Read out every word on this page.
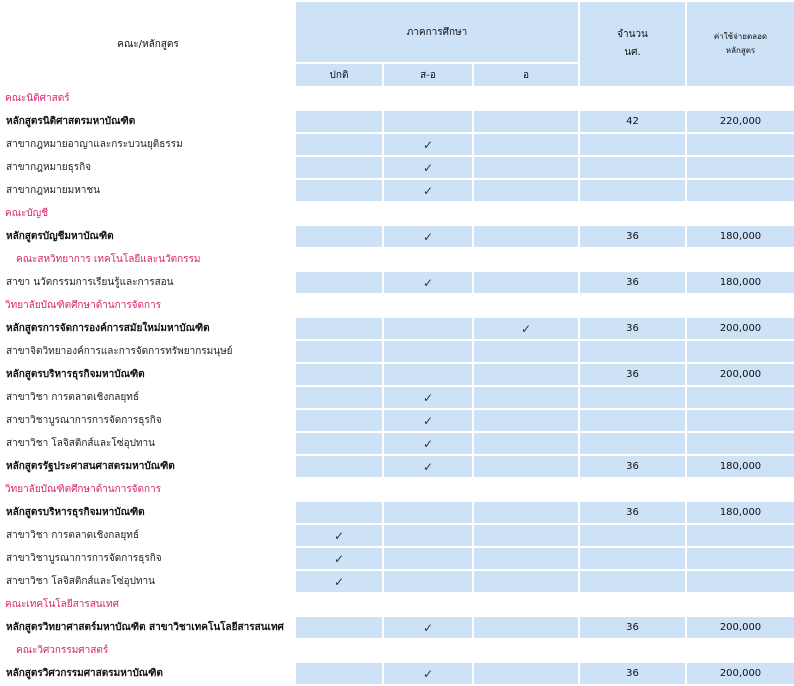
คณะ/หลักสูตร	ภาคการศึกษา			จำนวน
นศ.	ค่าใช้จ่ายตลอด
หลักสูตร
	ปกติ	ส-อ	อ		
คณะนิติศาสตร์					
หลักสูตรนิติศาสตรมหาบัณฑิต				42	220,000
สาขากฎหมายอาญาและกระบวนยุติธรรม		✓			
สาขากฎหมายธุรกิจ		✓			
สาขากฎหมายมหาชน		✓			
คณะบัญชี					
หลักสูตรบัญชีมหาบัณฑิต		✓		36	180,000
คณะสหวิทยาการ เทคโนโลยีและนวัตกรรม					
สาขา นวัตกรรมการเรียนรู้และการสอน		✓		36	180,000
วิทยาลัยบัณฑิตศึกษาด้านการจัดการ					
หลักสูตรการจัดการองค์การสมัยใหม่มหาบัณฑิต			✓	36	200,000
สาขาจิตวิทยาองค์การและการจัดการทรัพยากรมนุษย์					
หลักสูตรบริหารธุรกิจมหาบัณฑิต				36	200,000
สาขาวิชา การตลาดเชิงกลยุทธ์		✓			
สาขาวิชาบูรณาการการจัดการธุรกิจ		✓			
สาขาวิชา โลจิสติกส์และโซ่อุปทาน		✓			
หลักสูตรรัฐประศาสนศาสตรมหาบัณฑิต		✓		36	180,000
วิทยาลัยบัณฑิตศึกษาด้านการจัดการ					
หลักสูตรบริหารธุรกิจมหาบัณฑิต				36	180,000
สาขาวิชา การตลาดเชิงกลยุทธ์	✓				
สาขาวิชาบูรณาการการจัดการธุรกิจ	✓				
สาขาวิชา โลจิสติกส์และโซ่อุปทาน	✓				
คณะเทคโนโลยีสารสนเทศ					
หลักสูตรวิทยาศาสตร์มหาบัณฑิต สาขาวิชาเทคโนโลยีสารสนเทศ		✓		36	200,000
คณะวิศวกรรมศาสตร์					
หลักสูตรวิศวกรรมศาสตรมหาบัณฑิต		✓		36	200,000
